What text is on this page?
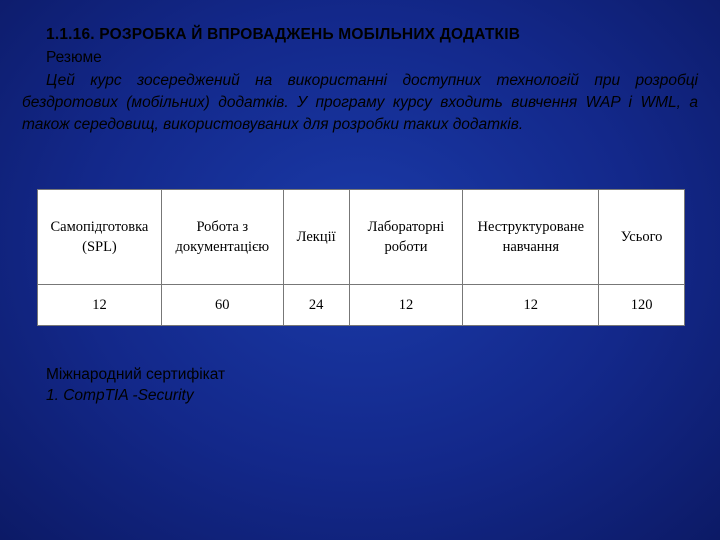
1.1.16. РОЗРОБКА Й ВПРОВАДЖЕНЬ МОБІЛЬНИХ ДОДАТКІВ
Резюме
Цей курс зосереджений на використанні доступних технологій при розробці бездротових (мобільних) додатків. У програму курсу входить вивчення WAP і WML, а також середовищ, використовуваних для розробки таких додатків.
Самопідготовка (SPL)	Робота з документацією	Лекції	Лабораторні роботи	Неструктуроване навчання	Усього
12	60	24	12	12	120
Міжнародний сертифікат
1. CompTIA -Security
